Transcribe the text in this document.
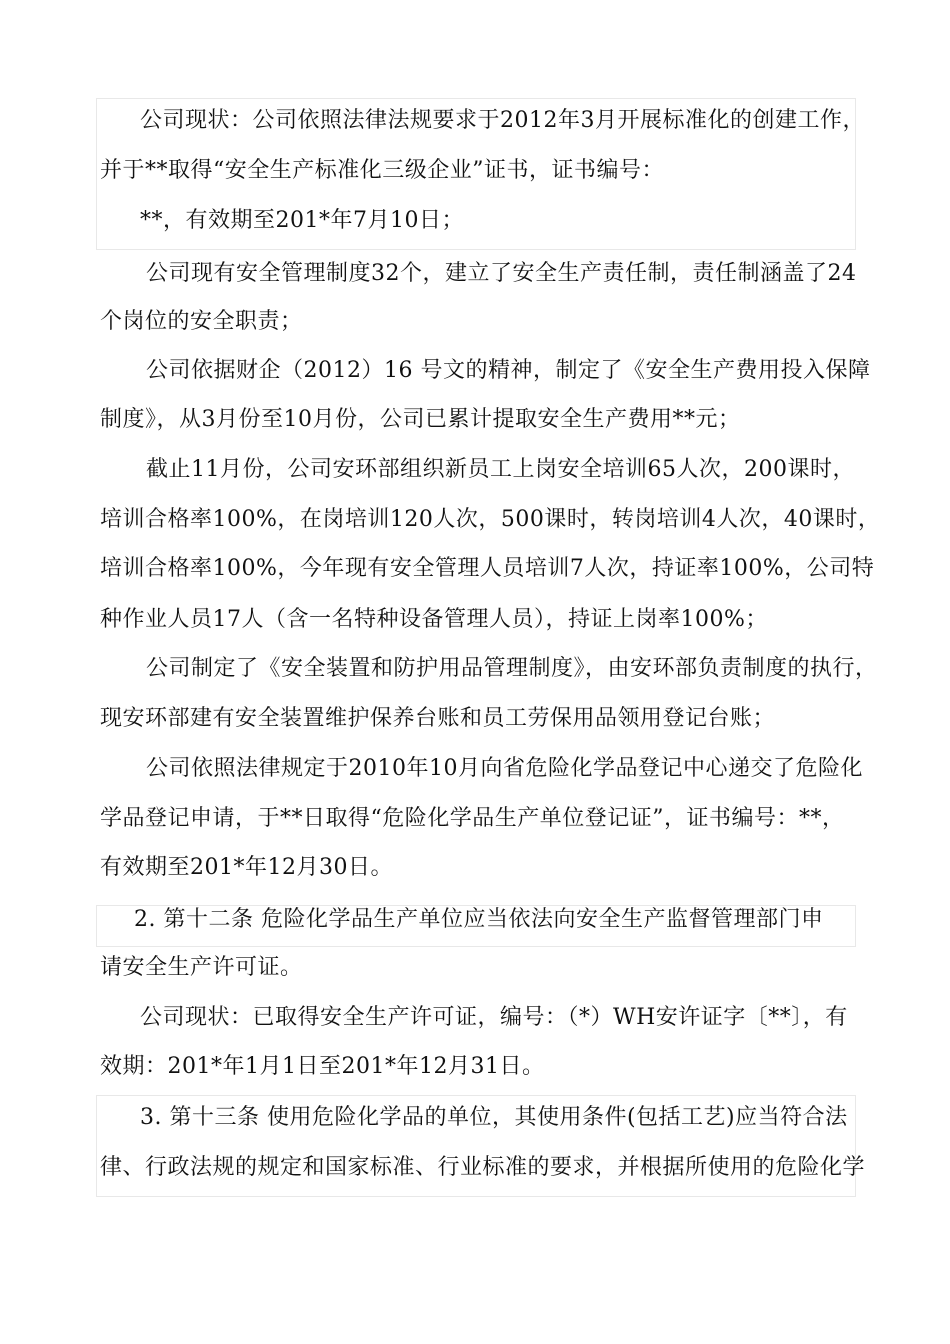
公司现状：公司依照法律法规要求于2012年3月开展标准化的创建工作，
并于**取得“安全生产标准化三级企业”证书，证书编号：
**，有效期至201*年7月10日；
公司现有安全管理制度32个，建立了安全生产责任制，责任制涵盖了24
个岗位的安全职责；
公司依据财企（2012）16 号文的精神，制定了《安全生产费用投入保障
制度》，从3月份至10月份，公司已累计提取安全生产费用**元；
截止11月份，公司安环部组织新员工上岗安全培训65人次，200课时，
培训合格率100%，在岗培训120人次，500课时，转岗培训4人次，40课时，
培训合格率100%，今年现有安全管理人员培训7人次，持证率100%，公司特
种作业人员17人（含一名特种设备管理人员），持证上岗率100%；
公司制定了《安全装置和防护用品管理制度》，由安环部负责制度的执行，
现安环部建有安全装置维护保养台账和员工劳保用品领用登记台账；
公司依照法律规定于2010年10月向省危险化学品登记中心递交了危险化
学品登记申请，于**日取得“危险化学品生产单位登记证”，证书编号：**，
有效期至201*年12月30日。
2. 第十二条 危险化学品生产单位应当依法向安全生产监督管理部门申
请安全生产许可证。
公司现状：已取得安全生产许可证，编号：（*）WH安许证字〔**〕，有
效期：201*年1月1日至201*年12月31日。
3. 第十三条 使用危险化学品的单位，其使用条件(包括工艺)应当符合法
律、行政法规的规定和国家标准、行业标准的要求，并根据所使用的危险化学
